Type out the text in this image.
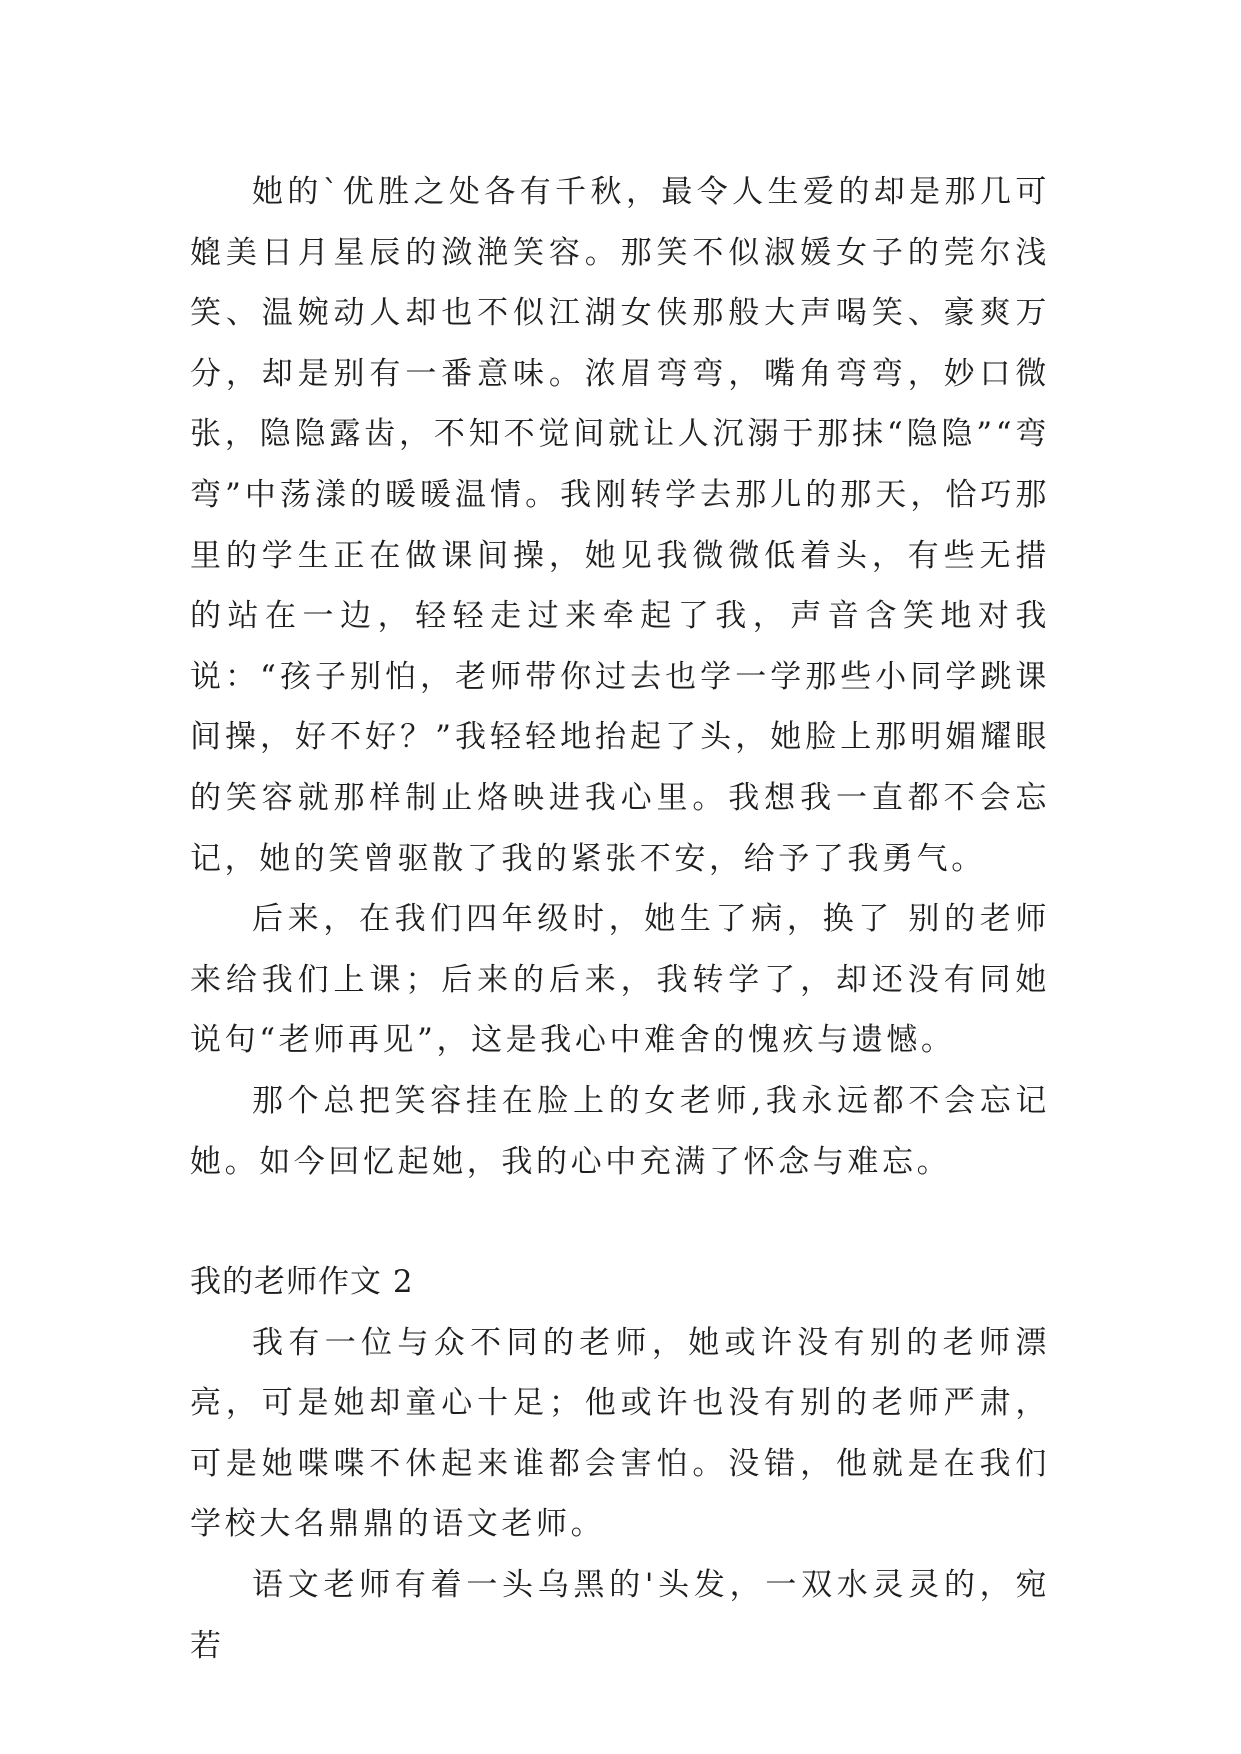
她的`优胜之处各有千秋，最令人生爱的却是那几可媲美日月星辰的潋滟笑容。那笑不似淑媛女子的莞尔浅笑、温婉动人却也不似江湖女侠那般大声喝笑、豪爽万分，却是别有一番意味。浓眉弯弯，嘴角弯弯，妙口微张，隐隐露齿，不知不觉间就让人沉溺于那抹“隐隐”“弯弯”中荡漾的暖暖温情。我刚转学去那儿的那天，恰巧那里的学生正在做课间操，她见我微微低着头，有些无措的站在一边，轻轻走过来牵起了我，声音含笑地对我说：“孩子别怕，老师带你过去也学一学那些小同学跳课间操，好不好？”我轻轻地抬起了头，她脸上那明媚耀眼的笑容就那样制止烙映进我心里。我想我一直都不会忘记，她的笑曾驱散了我的紧张不安，给予了我勇气。

后来，在我们四年级时，她生了病，换了 别的老师来给我们上课；后来的后来，我转学了，却还没有同她说句“老师再见”，这是我心中难舍的愧疚与遗憾。

那个总把笑容挂在脸上的女老师,我永远都不会忘记她。如今回忆起她，我的心中充满了怀念与难忘。

我的老师作文 2

我有一位与众不同的老师，她或许没有别的老师漂亮，可是她却童心十足；他或许也没有别的老师严肃，可是她喋喋不休起来谁都会害怕。没错，他就是在我们学校大名鼎鼎的语文老师。

语文老师有着一头乌黑的'头发，一双水灵灵的，宛若
